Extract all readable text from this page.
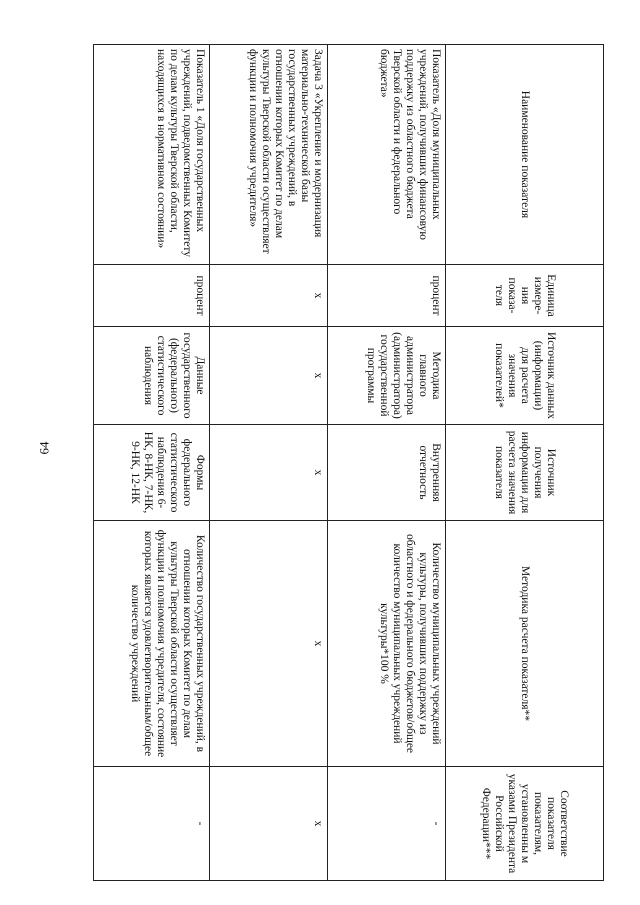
64
Наименование показателя	Единица измере-ния показа-теля	Источник данных (информации) для расчета значения показателей*	Источник получения информации для расчета значения показателя	Методика расчета показателя**	Соответствие показателя показателям, установленны м указами Президента Российской Федерации***
Показатель «Доля муниципальных учреждений, получивших финансовую поддержку из областного бюджета Тверской области и федерального бюджета»	процент	Методика главного администратора (администратора) государственной программы	Внутренняя отчетность	Количество муниципальных учреждений культуры, получивших поддержку из областного и федерального бюджетов/общее количество муниципальных учреждений культуры*100 %	-
Задача 3 «Укрепление и модернизация материально-технической базы государственных учреждений, в отношении которых Комитет по делам культуры Тверской области осуществляет функции и полномочия учредителя»	х	х	х	х	х
Показатель 1 «Доля государственных учреждений, подведомственных Комитету по делам культуры Тверской области, находящихся в нормативном состоянии»	процент	Данные государственного (федерального) статистического наблюдения	Формы федерального статистического наблюдения 6-НК, 8-НК, 7-НК, 9-НК, 12-НК	Количество государственных учреждений, в отношении которых Комитет по делам культуры Тверской области осуществляет функции и полномочия учредителя, состояние которых является удовлетворительным/общее количество учреждений	-
